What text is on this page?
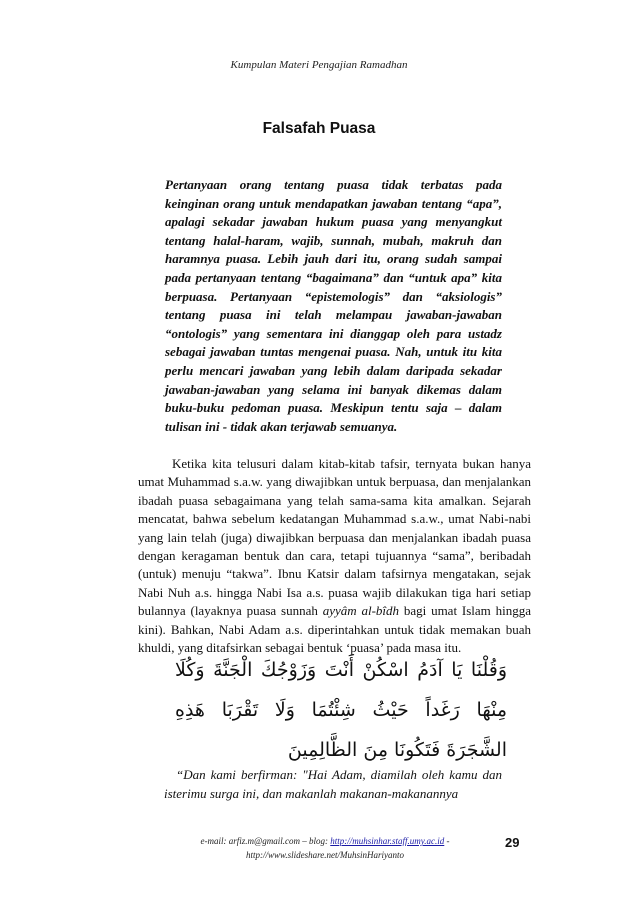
Kumpulan Materi Pengajian Ramadhan
Falsafah Puasa
Pertanyaan orang tentang puasa tidak terbatas pada keinginan orang untuk mendapatkan jawaban tentang “apa”, apalagi sekadar jawaban hukum puasa yang menyangkut tentang halal-haram, wajib, sunnah, mubah, makruh dan haramnya puasa. Lebih jauh dari itu, orang sudah sampai pada pertanyaan tentang “bagaimana” dan “untuk apa” kita berpuasa. Pertanyaan “epistemologis” dan “aksiologis” tentang puasa ini telah melampau jawaban-jawaban “ontologis” yang sementara ini dianggap oleh para ustadz sebagai jawaban tuntas mengenai puasa. Nah, untuk itu kita perlu mencari jawaban yang lebih dalam daripada sekadar jawaban-jawaban yang selama ini banyak dikemas dalam buku-buku pedoman puasa. Meskipun tentu saja – dalam tulisan ini - tidak akan terjawab semuanya.

Ketika kita telusuri dalam kitab-kitab tafsir, ternyata bukan hanya umat Muhammad s.a.w. yang diwajibkan untuk berpuasa, dan menjalankan ibadah puasa sebagaimana yang telah sama-sama kita amalkan. Sejarah mencatat, bahwa sebelum kedatangan Muhammad s.a.w., umat Nabi-nabi yang lain telah (juga) diwajibkan berpuasa dan menjalankan ibadah puasa dengan keragaman bentuk dan cara, tetapi tujuannya “sama”, beribadah (untuk) menuju “takwa”. Ibnu Katsir dalam tafsirnya mengatakan, sejak Nabi Nuh a.s. hingga Nabi Isa a.s. puasa wajib dilakukan tiga hari setiap bulannya (layaknya puasa sunnah ayyâm al-bîdh bagi umat Islam hingga kini). Bahkan, Nabi Adam a.s. diperintahkan untuk tidak memakan buah khuldi, yang ditafsirkan sebagai bentuk ‘puasa’ pada masa itu.

وَقُلْنَا يَا آدَمُ اسْكُنْ أَنْتَ وَزَوْجُكَ الْجَنَّةَ وَكُلَا مِنْهَا رَغَداً حَيْثُ شِئْتُمَا وَلَا تَقْرَبَا هَذِهِ الشَّجَرَةَ فَتَكُونَا مِنَ الظَّالِمِينَ
“Dan kami berfirman: "Hai Adam, diamilah oleh kamu dan isterimu surga ini, dan makanlah makanan-makanannya
e-mail: arfiz.m@gmail.com – blog: http://muhsinhar.staff.umy.ac.id -
http://www.slideshare.net/MuhsinHariyanto
29
